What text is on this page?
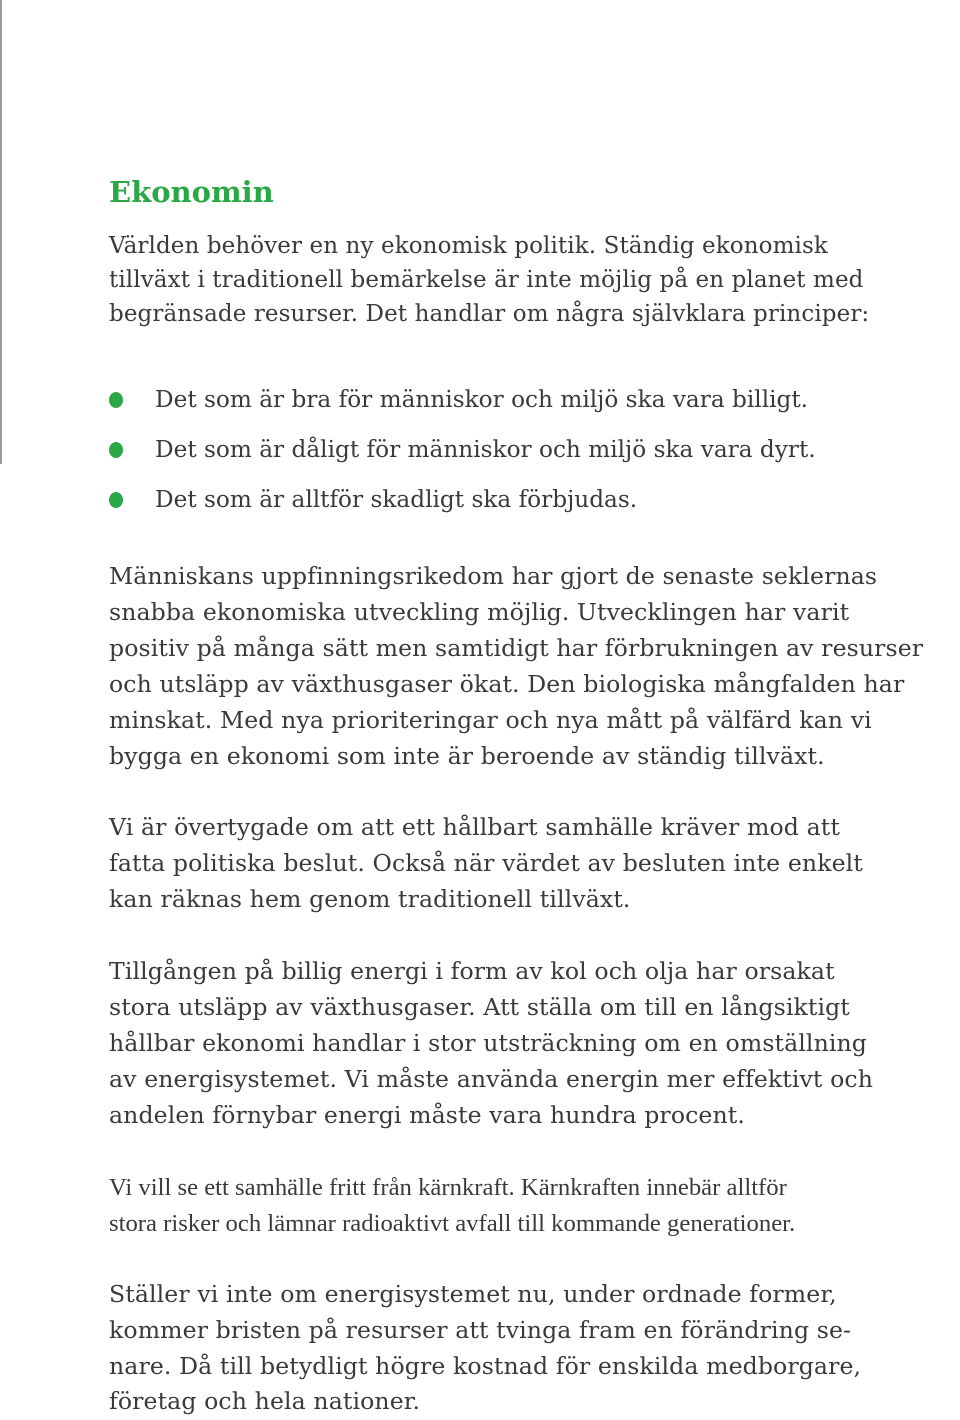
Ekonomin

Världen behöver en ny ekonomisk politik. Ständig ekonomisk
tillväxt i traditionell bemärkelse är inte möjlig på en planet med
begränsade resurser. Det handlar om några självklara principer:

Det som är bra för människor och miljö ska vara billigt.
Det som är dåligt för människor och miljö ska vara dyrt.
Det som är alltför skadligt ska förbjudas.

Människans uppfinningsrikedom har gjort de senaste seklernas
snabba ekonomiska utveckling möjlig. Utvecklingen har varit
positiv på många sätt men samtidigt har förbrukningen av resurser
och utsläpp av växthusgaser ökat. Den biologiska mångfalden har
minskat. Med nya prioriteringar och nya mått på välfärd kan vi
bygga en ekonomi som inte är beroende av ständig tillväxt.

Vi är övertygade om att ett hållbart samhälle kräver mod att
fatta politiska beslut. Också när värdet av besluten inte enkelt
kan räknas hem genom traditionell tillväxt.

Tillgången på billig energi i form av kol och olja har orsakat
stora utsläpp av växthusgaser. Att ställa om till en långsiktigt
hållbar ekonomi handlar i stor utsträckning om en omställning
av energisystemet. Vi måste använda energin mer effektivt och
andelen förnybar energi måste vara hundra procent.

Vi vill se ett samhälle fritt från kärnkraft. Kärnkraften innebär alltför
stora risker och lämnar radioaktivt avfall till kommande generationer.

Ställer vi inte om energisystemet nu, under ordnade former,
kommer bristen på resurser att tvinga fram en förändring se-
nare. Då till betydligt högre kostnad för enskilda medborgare,
företag och hela nationer.
